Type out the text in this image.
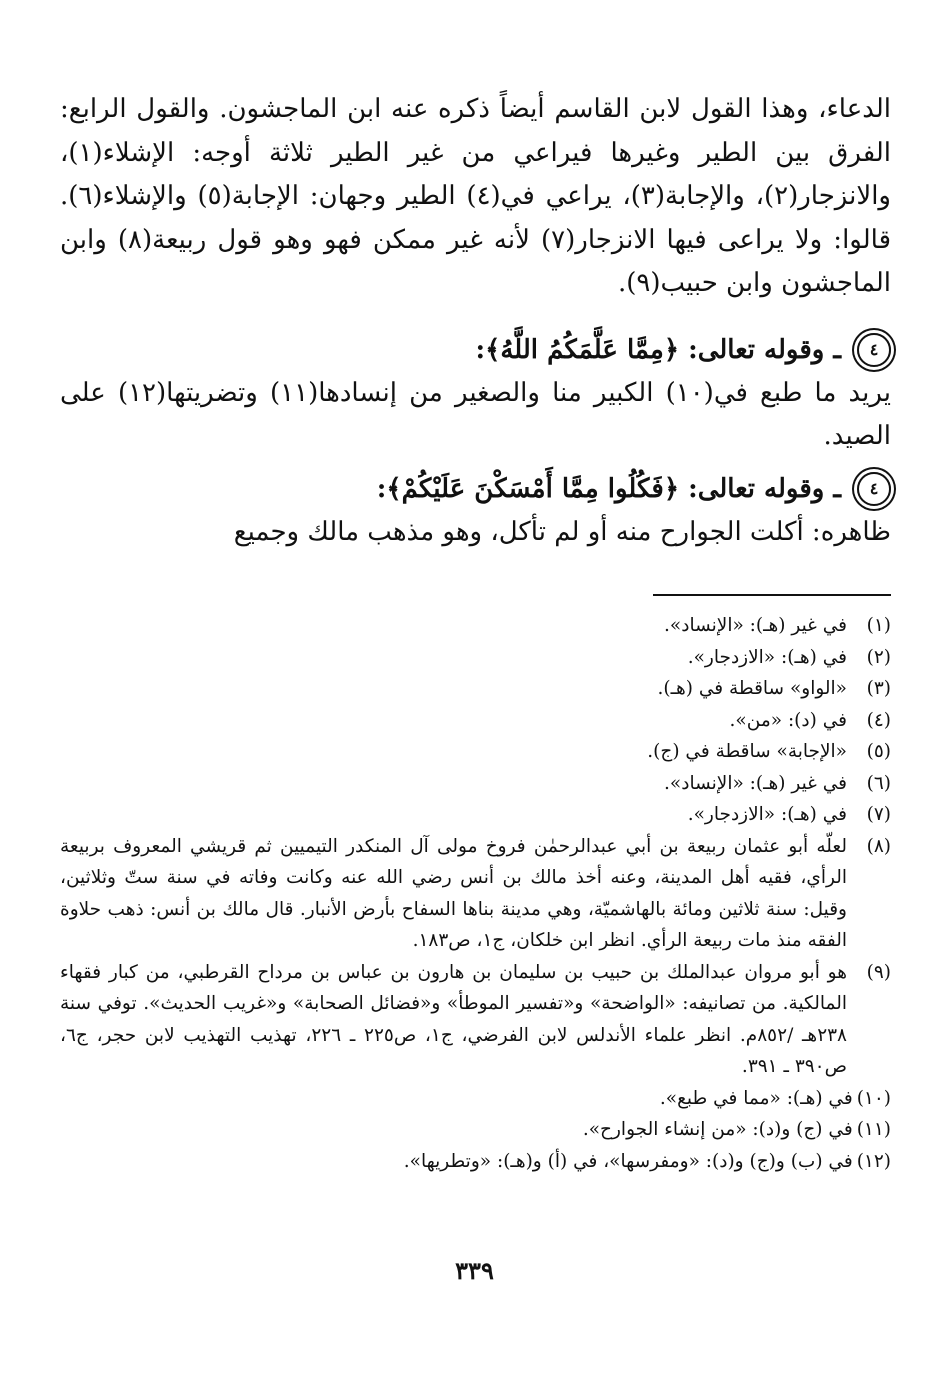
الدعاء، وهذا القول لابن القاسم أيضاً ذكره عنه ابن الماجشون. والقول الرابع: الفرق بين الطير وغيرها فيراعي من غير الطير ثلاثة أوجه: الإشلاء(١)، والانزجار(٢)، والإجابة(٣)، يراعي في(٤) الطير وجهان: الإجابة(٥) والإشلاء(٦). قالوا: ولا يراعى فيها الانزجار(٧) لأنه غير ممكن فهو وهو قول ربيعة(٨) وابن الماجشون وابن حبيب(٩).

٤
ـ وقوله تعالى: ﴿مِمَّا عَلَّمَكُمُ اللَّهُ﴾:

يريد ما طبع في(١٠) الكبير منا والصغير من إنسادها(١١) وتضريتها(١٢) على الصيد.

٤
ـ وقوله تعالى: ﴿فَكُلُوا مِمَّا أَمْسَكْنَ عَلَيْكُمْ﴾:

ظاهره: أكلت الجوارح منه أو لم تأكل، وهو مذهب مالك وجميع

(١)
في غير (هـ): «الإنساد».
(٢)
في (هـ): «الازدجار».
(٣)
«الواو» ساقطة في (هـ).
(٤)
في (د): «من».
(٥)
«الإجابة» ساقطة في (ج).
(٦)
في غير (هـ): «الإنساد».
(٧)
في (هـ): «الازدجار».
(٨)
لعلّه أبو عثمان ربيعة بن أبي عبدالرحمٰن فروخ مولى آل المنكدر التيميين ثم قريشي المعروف بربيعة الرأي، فقيه أهل المدينة، وعنه أخذ مالك بن أنس رضي الله عنه وكانت وفاته في سنة ستّ وثلاثين، وقيل: سنة ثلاثين ومائة بالهاشميّة، وهي مدينة بناها السفاح بأرض الأنبار. قال مالك بن أنس: ذهب حلاوة الفقه منذ مات ربيعة الرأي. انظر ابن خلكان، ج١، ص١٨٣.
(٩)
هو أبو مروان عبدالملك بن حبيب بن سليمان بن هارون بن عباس بن مرداح القرطبي، من كبار فقهاء المالكية. من تصانيفه: «الواضحة» و«تفسير الموطأ» و«فضائل الصحابة» و«غريب الحديث». توفي سنة ٢٣٨هـ /٨٥٢م. انظر علماء الأندلس لابن الفرضي، ج١، ص٢٢٥ ـ ٢٢٦، تهذيب التهذيب لابن حجر، ج٦، ص٣٩٠ ـ ٣٩١.
(١٠)
في (هـ): «مما في طبع».
(١١)
في (ج) و(د): «من إنشاء الجوارح».
(١٢)
في (ب) و(ج) و(د): «ومفرسها»، في (أ) و(هـ): «وتطريها».
٣٣٩
